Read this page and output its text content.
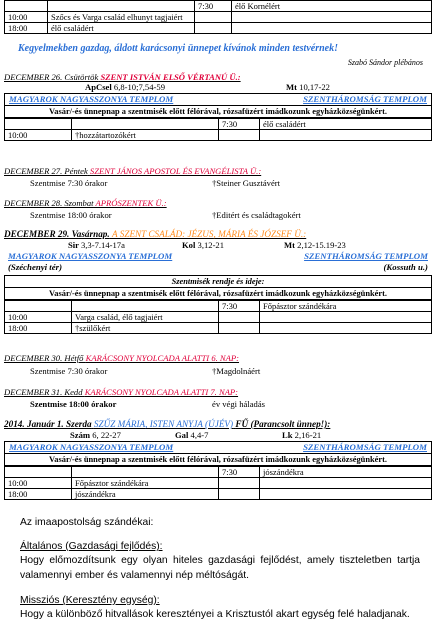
		7:30	élő Kornélért
10:00	Szőcs és Varga család elhunyt tagjaiért		
18:00	élő családért		
Kegyelmekben gazdag, áldott karácsonyi ünnepet kívánok minden testvérnek!
Szabó Sándor plébános
DECEMBER 26. Csütörtök SZENT ISTVÁN ELSŐ VÉRTANÚ Ü.:
ApCsel 6,8-10;7,54-59	Mt 10,17-22
MAGYAROK NAGYASSZONYA TEMPLOM	SZENTHÁROMSÁG TEMPLOM
Vasár/-és ünnepnap a szentmisék előtt félórával, rózsafüzért imádkozunk egyházközségünkért.
		7:30	élő családért
10:00	†hozzátartozókért		
DECEMBER 27. Péntek SZENT JÁNOS APOSTOL ÉS EVANGÉLISTA Ü.:
Szentmise 7:30 órakor	†Steiner Gusztávért
DECEMBER 28. Szombat APRÓSZENTEK Ü.:
Szentmise 18:00 órakor	†Editért és családtagokért
DECEMBER 29. Vasárnap. A SZENT CSALÁD: JÉZUS, MÁRIA ÉS JÓZSEF Ü.:
Sir 3,3-7.14-17a	Kol 3,12-21	Mt 2,12-15.19-23
MAGYAROK NAGYASSZONYA TEMPLOM	SZENTHÁROMSÁG TEMPLOM
(Széchenyi tér)	(Kossuth u.)
Szentmisék rendje és ideje:
Vasár/-és ünnepnap a szentmisék előtt félórával, rózsafüzért imádkozunk egyházközségünkért.
		7:30	Főpásztor szándékára
10:00	Varga család, élő tagjaiért		
18:00	†szülőkért		
DECEMBER 30. Hétfő KARÁCSONY NYOLCADA ALATTI 6. NAP:
Szentmise 7:30 órakor	†Magdolnáért
DECEMBER 31. Kedd KARÁCSONY NYOLCADA ALATTI 7. NAP:
Szentmise 18:00 órakor	év végi háladás
2014. Január 1. Szerda SZŰZ MÁRIA, ISTEN ANYJA (ÚJÉV) FŰ (Parancsolt ünnep!):
Szám 6, 22-27	Gal 4,4-7	Lk 2,16-21
MAGYAROK NAGYASSZONYA TEMPLOM	SZENTHÁROMSÁG TEMPLOM
Vasár/-és ünnepnap a szentmisék előtt félórával, rózsafüzért imádkozunk egyházközségünkért.
		7:30	jószándékra
10:00	Főpásztor szándékára		
18:00	jószándékra		
Az imaapostolság szándékai:
Általános (Gazdasági fejlődés):
Hogy előmozdítsunk egy olyan hiteles gazdasági fejlődést, amely tiszteletben tartja valamennyi ember és valamennyi nép méltóságát.
Missziós (Keresztény egység):
Hogy a különböző hitvallások keresztényei a Krisztustól akart egység felé haladjanak.
